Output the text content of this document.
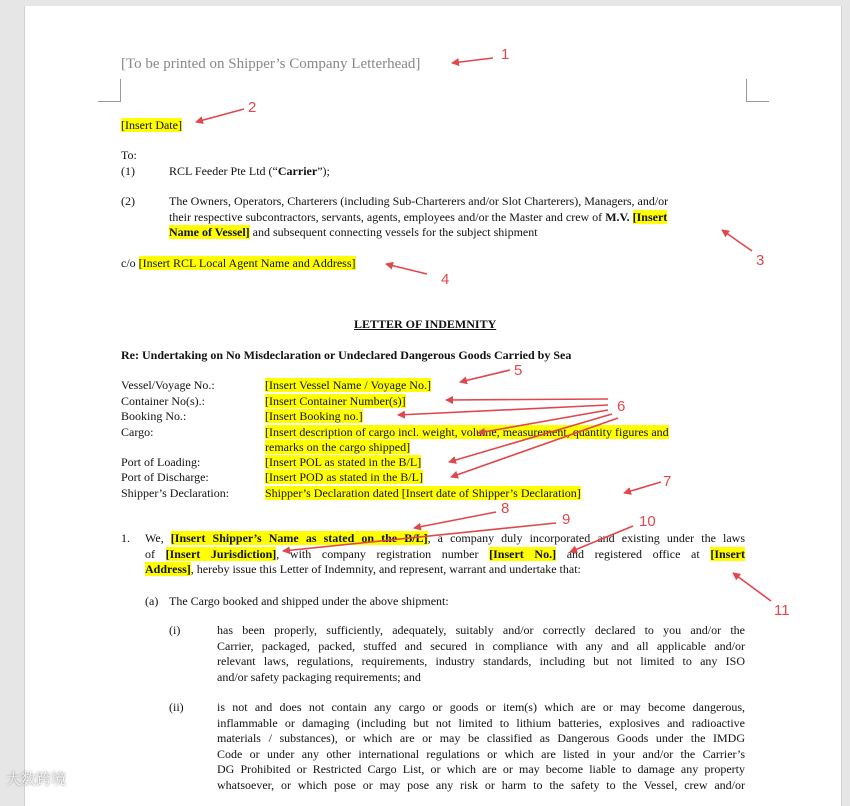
[To be printed on Shipper’s Company Letterhead]
[Insert Date]
To:
(1)	RCL Feeder Pte Ltd (“Carrier”);
(2)	The Owners, Operators, Charterers (including Sub-Charterers and/or Slot Charterers), Managers, and/or
their respective subcontractors, servants, agents, employees and/or the Master and crew of M.V. [Insert
Name of Vessel] and subsequent connecting vessels for the subject shipment
c/o [Insert RCL Local Agent Name and Address]
LETTER OF INDEMNITY
Re: Undertaking on No Misdeclaration or Undeclared Dangerous Goods Carried by Sea
Vessel/Voyage No.:	[Insert Vessel Name / Voyage No.]
Container No(s).:	[Insert Container Number(s)]
Booking No.:	[Insert Booking no.]
Cargo:	[Insert description of cargo incl. weight, volume, measurement, quantity figures and
remarks on the cargo shipped]
Port of Loading:	[Insert POL as stated in the B/L]
Port of Discharge:	[Insert POD as stated in the B/L]
Shipper’s Declaration:	Shipper’s Declaration dated [Insert date of Shipper’s Declaration]
1. We, [Insert Shipper’s Name as stated on the B/L], a company duly incorporated and existing under the laws
of [Insert Jurisdiction], with company registration number [Insert No.] and registered office at [Insert
Address], hereby issue this Letter of Indemnity, and represent, warrant and undertake that:
(a) The Cargo booked and shipped under the above shipment:
(i)	has been properly, sufficiently, adequately, suitably and/or correctly declared to you and/or the
Carrier, packaged, packed, stuffed and secured in compliance with any and all applicable and/or
relevant laws, regulations, requirements, industry standards, including but not limited to any ISO
and/or safety packaging requirements; and
(ii)	is not and does not contain any cargo or goods or item(s) which are or may become dangerous,
inflammable or damaging (including but not limited to lithium batteries, explosives and radioactive
materials / substances), or which are or may be classified as Dangerous Goods under the IMDG
Code or under any other international regulations or which are listed in your and/or the Carrier’s
DG Prohibited or Restricted Cargo List, or which are or may become liable to damage any property
whatsoever, or which pose or may pose any risk or harm to the safety to the Vessel, crew and/or
1
2
3
4
5
6
7
8
9	10
11
大数跨境
